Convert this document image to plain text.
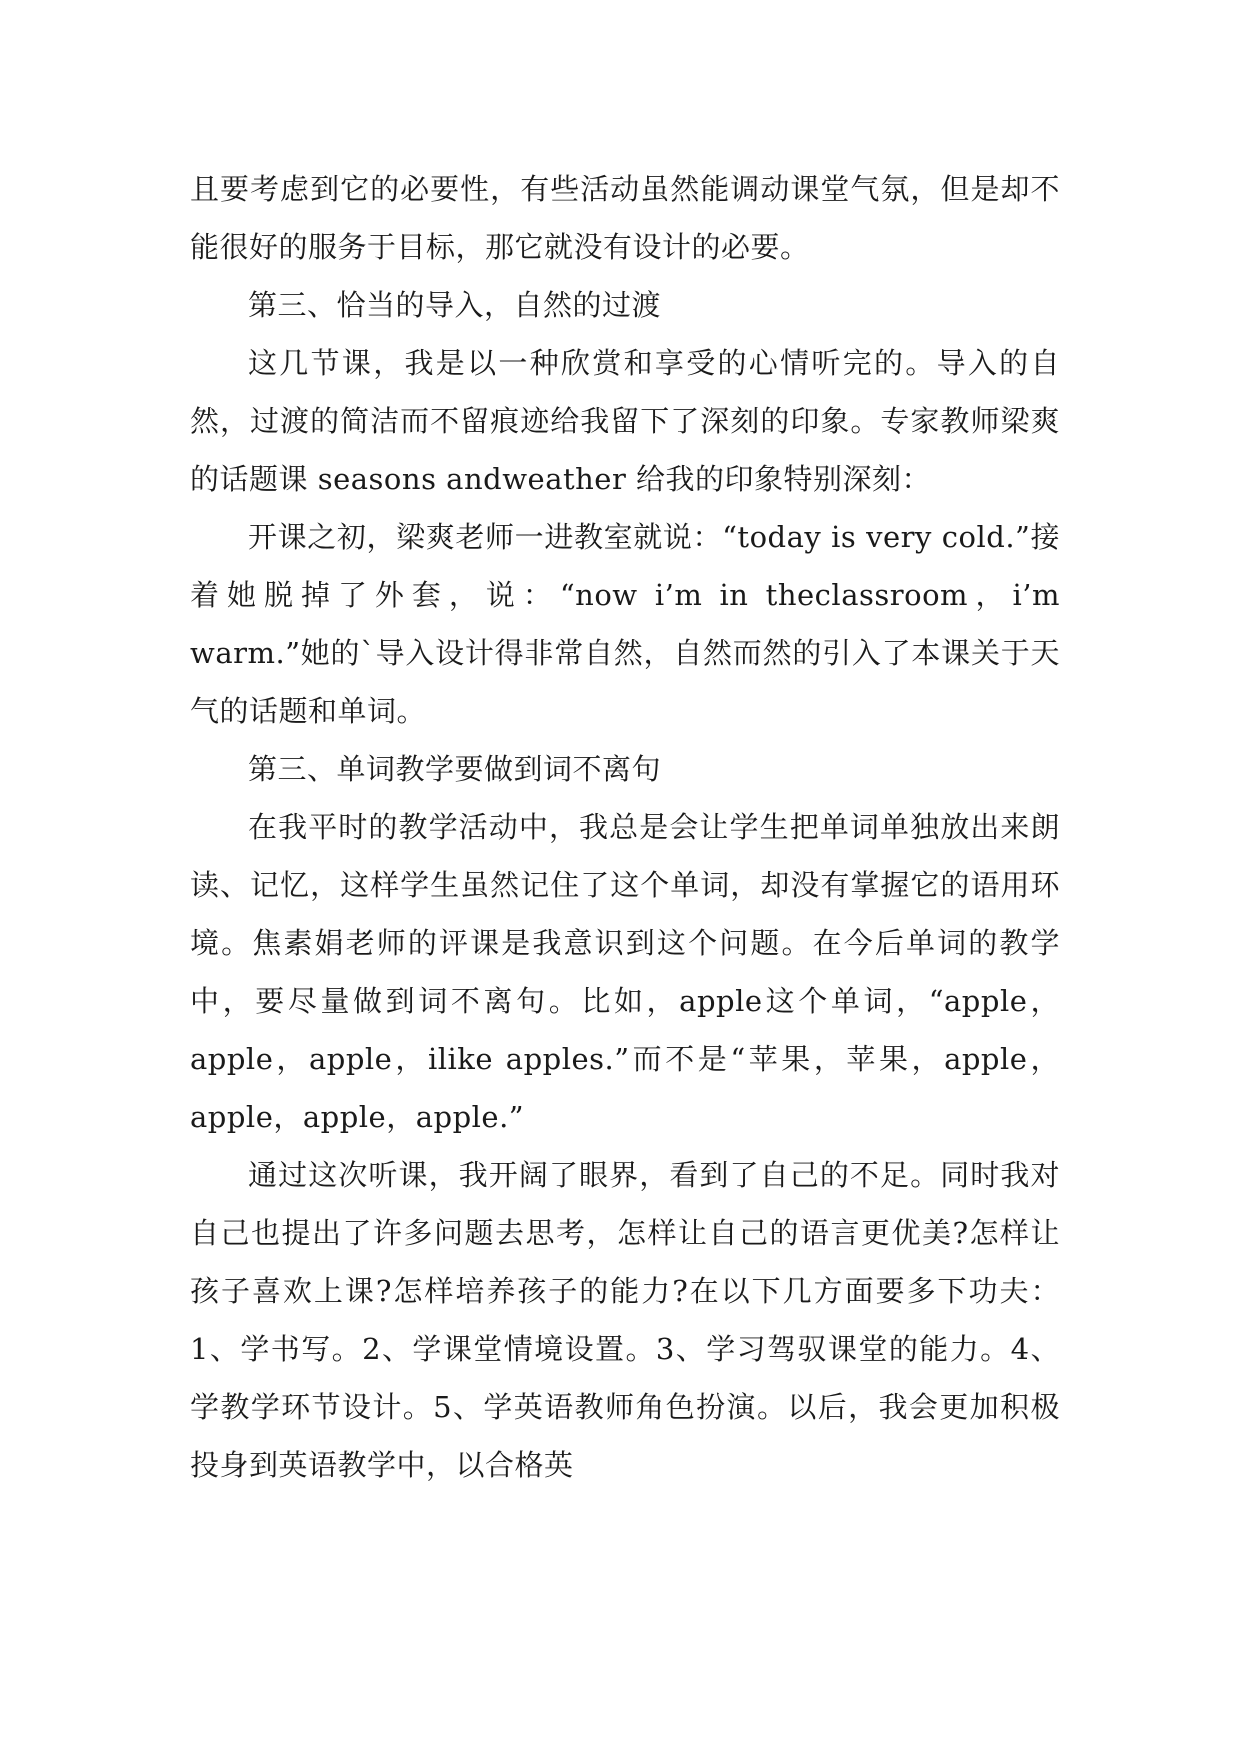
且要考虑到它的必要性，有些活动虽然能调动课堂气氛，但是却不能很好的服务于目标，那它就没有设计的必要。

第三、恰当的导入，自然的过渡

这几节课，我是以一种欣赏和享受的心情听完的。导入的自然，过渡的简洁而不留痕迹给我留下了深刻的印象。专家教师梁爽的话题课 seasons andweather 给我的印象特别深刻：

开课之初，梁爽老师一进教室就说：“today is very cold.”接着她脱掉了外套，说：“now i’m in theclassroom，i’m warm.”她的`导入设计得非常自然，自然而然的引入了本课关于天气的话题和单词。

第三、单词教学要做到词不离句

在我平时的教学活动中，我总是会让学生把单词单独放出来朗读、记忆，这样学生虽然记住了这个单词，却没有掌握它的语用环境。焦素娟老师的评课是我意识到这个问题。在今后单词的教学中，要尽量做到词不离句。比如，apple这个单词，“apple，apple，apple，ilike apples.”而不是“苹果，苹果，apple，apple，apple，apple.”

通过这次听课，我开阔了眼界，看到了自己的不足。同时我对自己也提出了许多问题去思考，怎样让自己的语言更优美?怎样让孩子喜欢上课?怎样培养孩子的能力?在以下几方面要多下功夫：1、学书写。2、学课堂情境设置。3、学习驾驭课堂的能力。4、学教学环节设计。5、学英语教师角色扮演。以后，我会更加积极投身到英语教学中，以合格英
